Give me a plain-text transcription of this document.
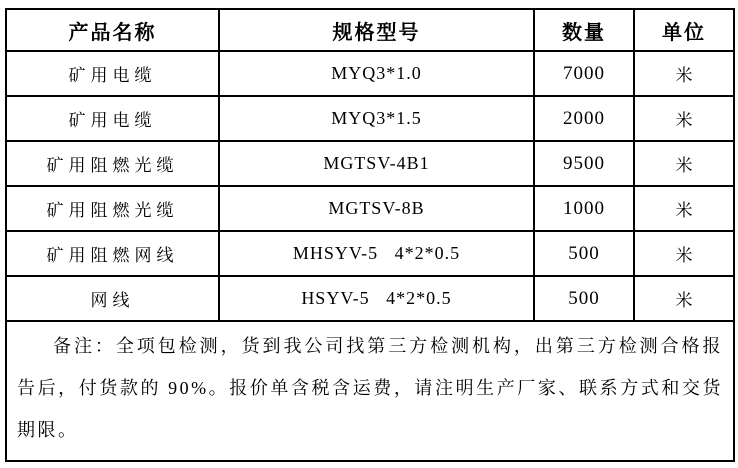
产品名称	规格型号	数量	单位
矿用电缆	MYQ3*1.0	7000	米
矿用电缆	MYQ3*1.5	2000	米
矿用阻燃光缆	MGTSV-4B1	9500	米
矿用阻燃光缆	MGTSV-8B	1000	米
矿用阻燃网线	MHSYV-5   4*2*0.5	500	米
网线	HSYV-5   4*2*0.5	500	米

备注：全项包检测，货到我公司找第三方检测机构，出第三方检测合格报告后，付货款的 90%。报价单含税含运费，请注明生产厂家、联系方式和交货期限。			
